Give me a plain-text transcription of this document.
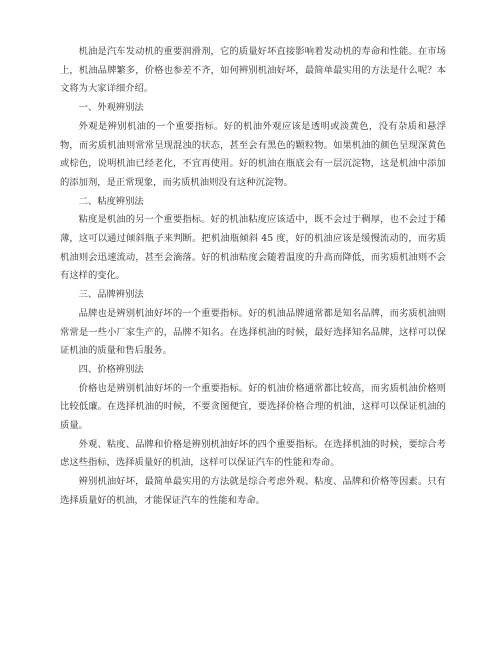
机油是汽车发动机的重要润滑剂，它的质量好坏直接影响着发动机的寿命和性能。在市场上，机油品牌繁多，价格也参差不齐，如何辨别机油好坏，最简单最实用的方法是什么呢？本文将为大家详细介绍。

一、外观辨别法

外观是辨别机油的一个重要指标。好的机油外观应该是透明或淡黄色，没有杂质和悬浮物，而劣质机油则常常呈现混浊的状态，甚至会有黑色的颗粒物。如果机油的颜色呈现深黄色或棕色，说明机油已经老化，不宜再使用。好的机油在瓶底会有一层沉淀物，这是机油中添加的添加剂，是正常现象，而劣质机油则没有这种沉淀物。

二、粘度辨别法

粘度是机油的另一个重要指标。好的机油粘度应该适中，既不会过于稠厚，也不会过于稀薄，这可以通过倾斜瓶子来判断。把机油瓶倾斜 45 度，好的机油应该是缓慢流动的，而劣质机油则会迅速流动，甚至会滴落。好的机油粘度会随着温度的升高而降低，而劣质机油则不会有这样的变化。

三、品牌辨别法

品牌也是辨别机油好坏的一个重要指标。好的机油品牌通常都是知名品牌，而劣质机油则常常是一些小厂家生产的，品牌不知名。在选择机油的时候，最好选择知名品牌，这样可以保证机油的质量和售后服务。

四、价格辨别法

价格也是辨别机油好坏的一个重要指标。好的机油价格通常都比较高，而劣质机油价格则比较低廉。在选择机油的时候，不要贪图便宜，要选择价格合理的机油，这样可以保证机油的质量。

外观、粘度、品牌和价格是辨别机油好坏的四个重要指标。在选择机油的时候，要综合考虑这些指标，选择质量好的机油，这样可以保证汽车的性能和寿命。

辨别机油好坏，最简单最实用的方法就是综合考虑外观、粘度、品牌和价格等因素。只有选择质量好的机油，才能保证汽车的性能和寿命。
